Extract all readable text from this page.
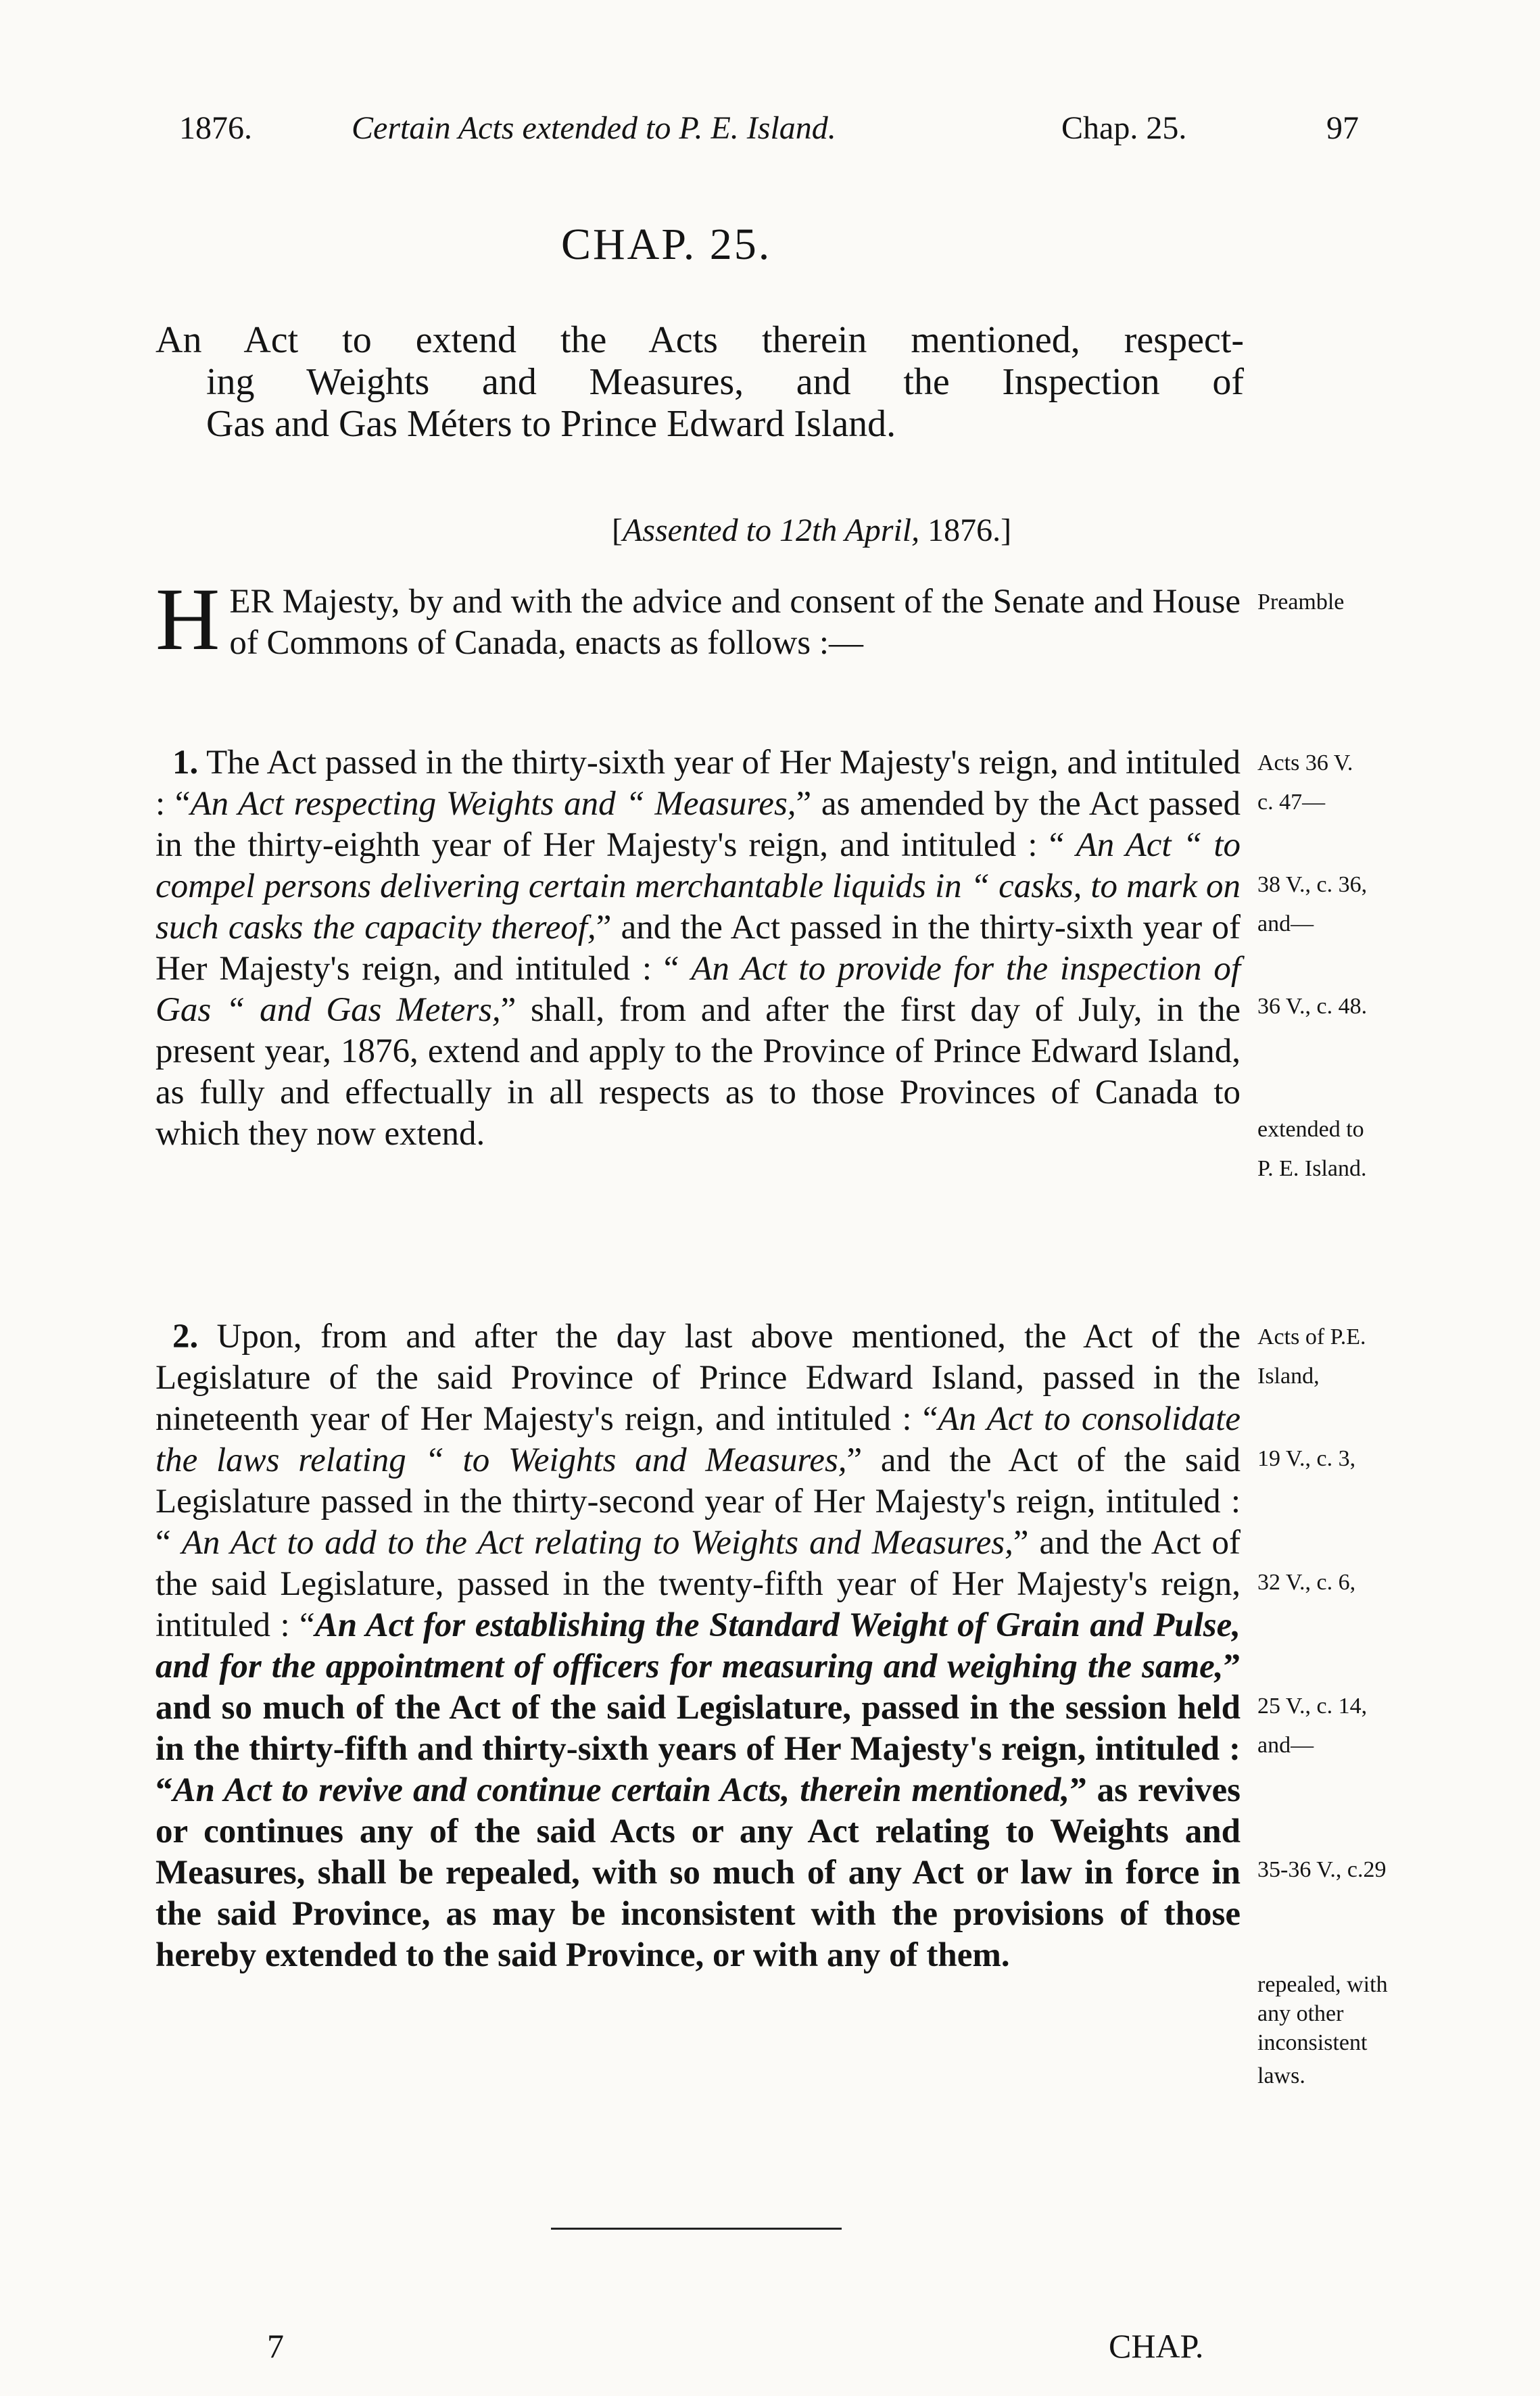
1876.	Certain Acts extended to P. E. Island.	Chap. 25.	97
CHAP. 25.
An Act to extend the Acts therein mentioned, respect-
ing Weights and Measures, and the Inspection of
Gas and Gas Méters to Prince Edward Island.
[Assented to 12th April, 1876.]

HER Majesty, by and with the advice and consent of the Senate and House of Commons of Canada, enacts as follows :—

1. The Act passed in the thirty-sixth year of Her Majesty's reign, and intituled : “An Act respecting Weights and “ Measures,” as amended by the Act passed in the thirty-eighth year of Her Majesty's reign, and intituled : “ An Act “ to compel persons delivering certain merchantable liquids in “ casks, to mark on such casks the capacity thereof,” and the Act passed in the thirty-sixth year of Her Majesty's reign, and intituled : “ An Act to provide for the inspection of Gas “ and Gas Meters,” shall, from and after the first day of July, in the present year, 1876, extend and apply to the Province of Prince Edward Island, as fully and effectually in all respects as to those Provinces of Canada to which they now extend.

2. Upon, from and after the day last above mentioned, the Act of the Legislature of the said Province of Prince Edward Island, passed in the nineteenth year of Her Majesty's reign, and intituled : “An Act to consolidate the laws relating “ to Weights and Measures,” and the Act of the said Legislature passed in the thirty-second year of Her Majesty's reign, intituled : “ An Act to add to the Act relating to Weights and Measures,” and the Act of the said Legislature, passed in the twenty-fifth year of Her Majesty's reign, intituled : “An Act for establishing the Standard Weight of Grain and Pulse, and for the appointment of officers for measuring and weighing the same,” and so much of the Act of the said Legislature, passed in the session held in the thirty-fifth and thirty-sixth years of Her Majesty's reign, intituled : “An Act to revive and continue certain Acts, therein mentioned,” as revives or continues any of the said Acts or any Act relating to Weights and Measures, shall be repealed, with so much of any Act or law in force in the said Province, as may be inconsistent with the provisions of those hereby extended to the said Province, or with any of them.

Preamble
Acts 36 V.
c. 47—
38 V., c. 36,
and—
36 V., c. 48.
extended to
P. E. Island.
Acts of P.E.
Island,
19 V., c. 3,
32 V., c. 6,
25 V., c. 14,
and—
35-36 V., c.29
repealed, with
any other
inconsistent
laws.
7	CHAP.
